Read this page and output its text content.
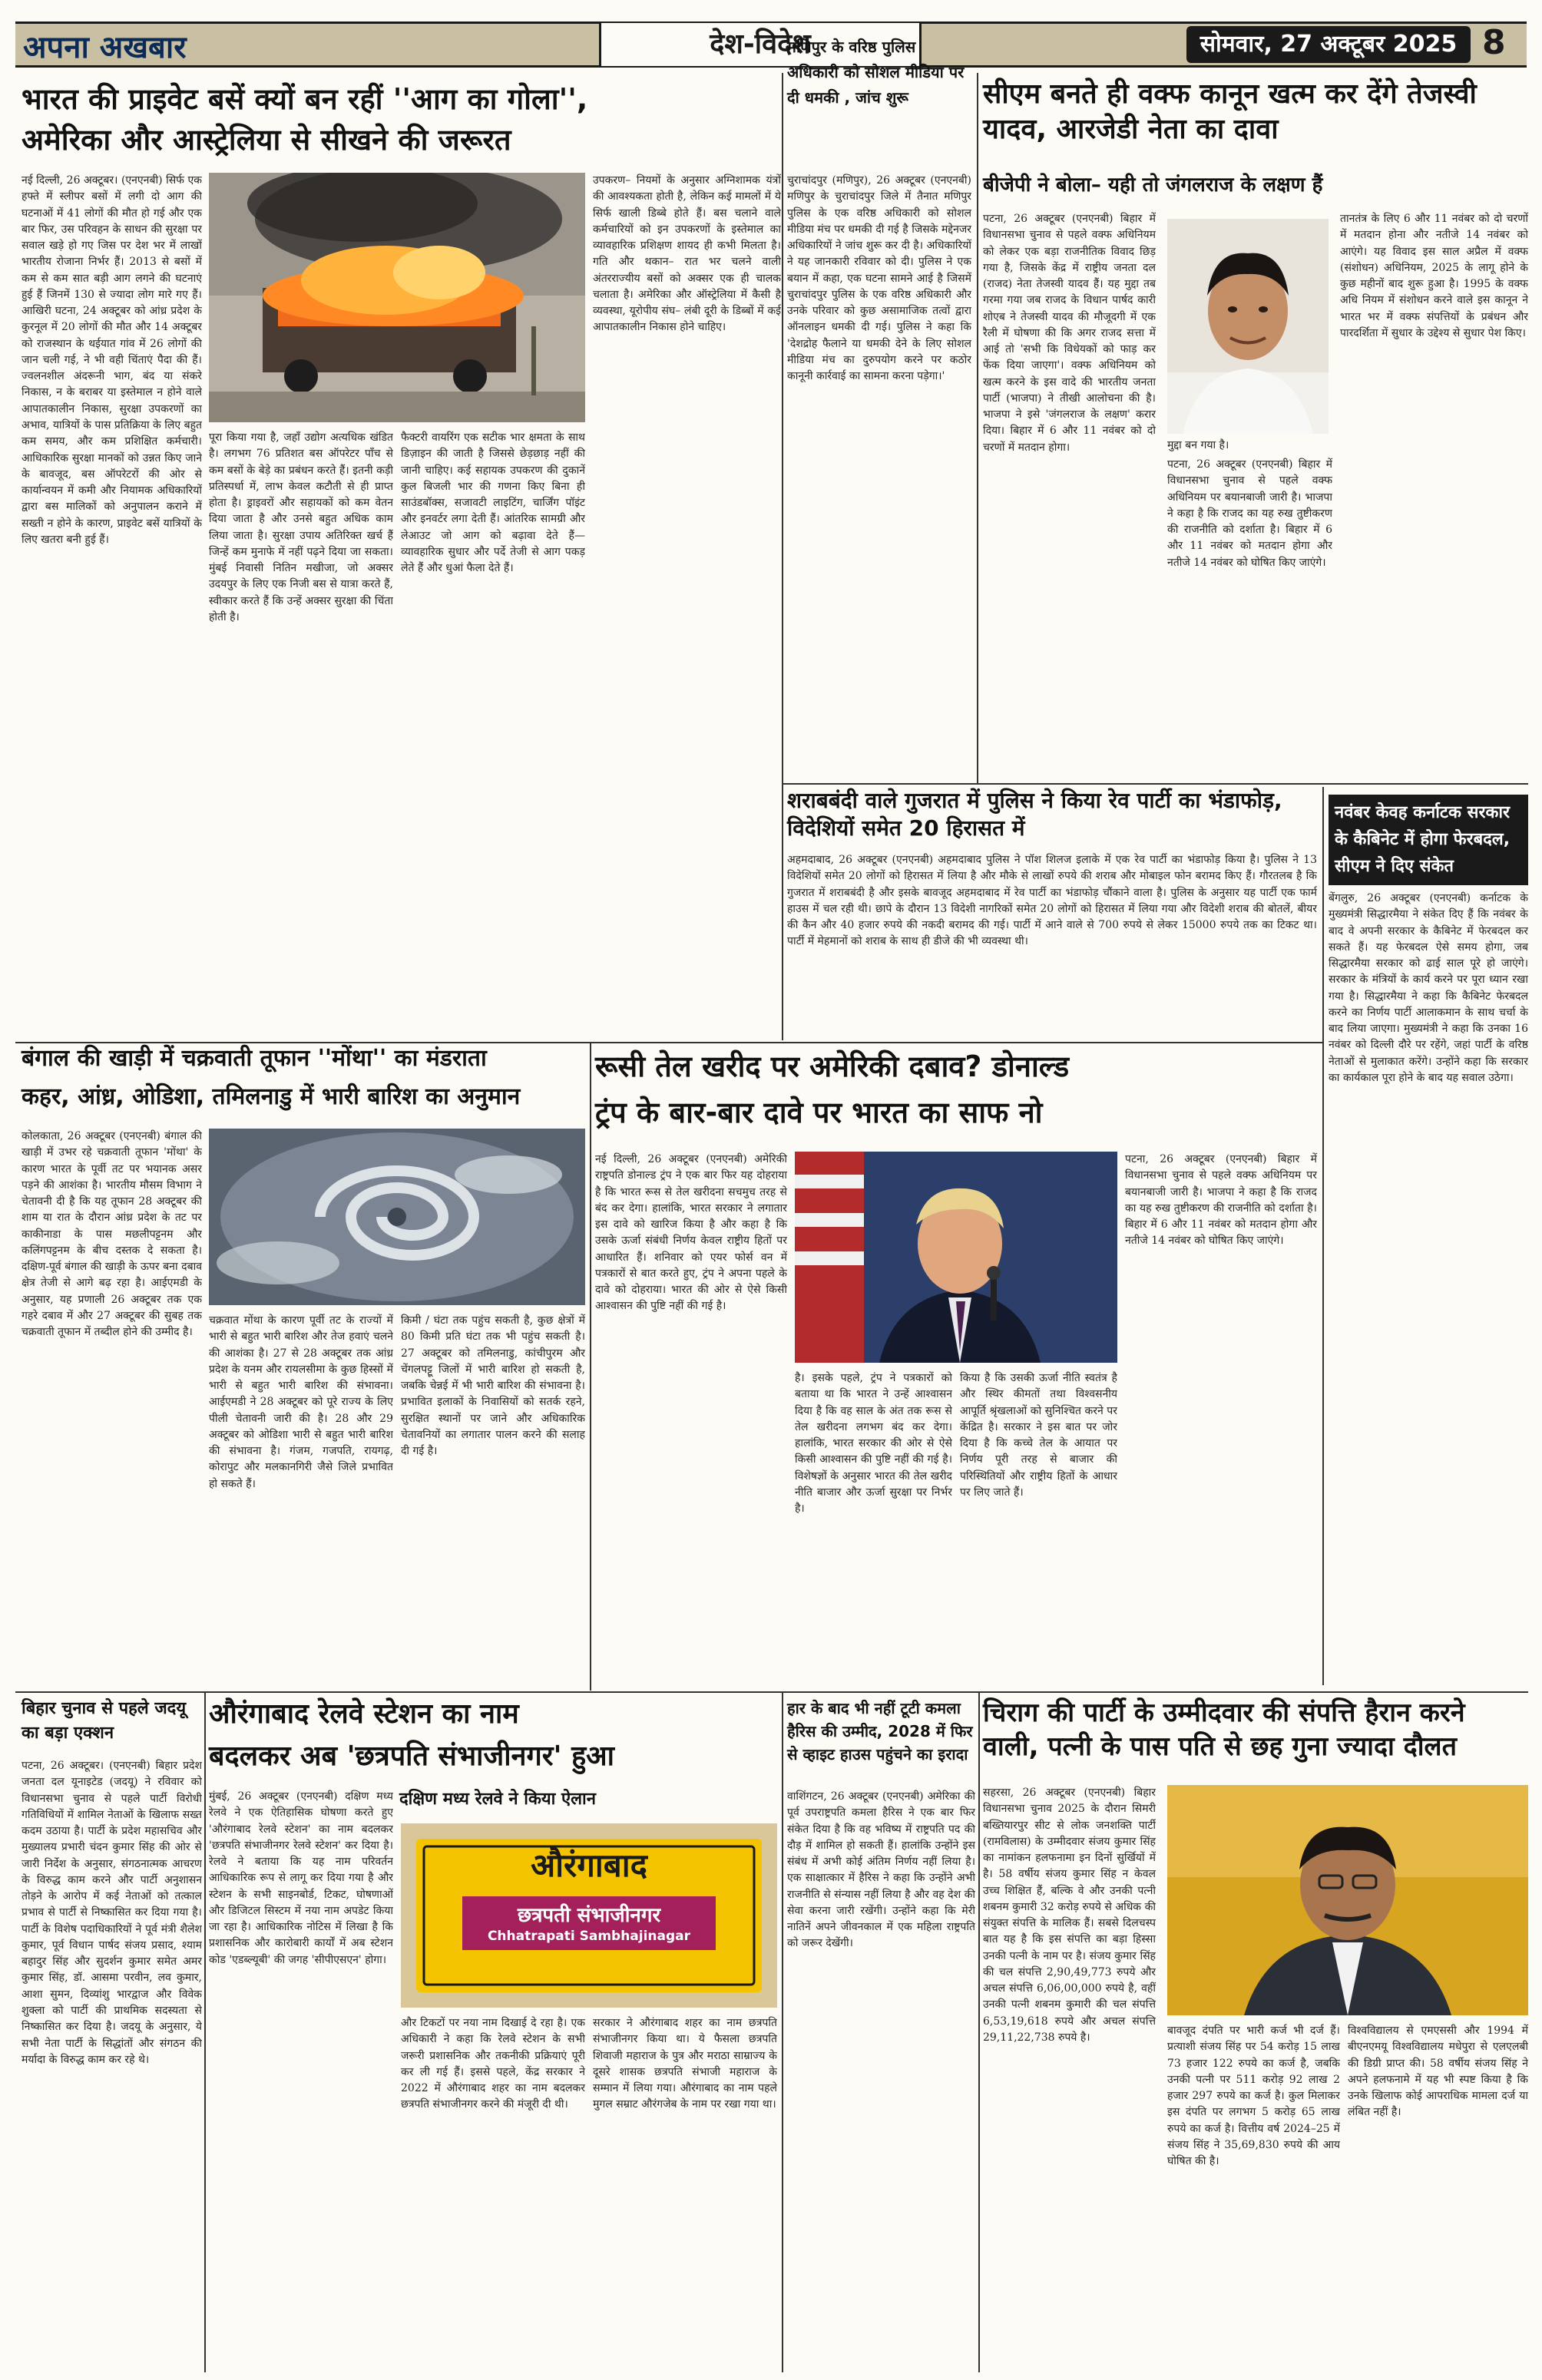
अपना अखबार	देश-विदेश	सोमवार, 27 अक्टूबर 2025 8
भारत की प्राइवेट बसें क्यों बन रहीं ''आग का गोला'',
अमेरिका और आस्ट्रेलिया से सीखने की जरूरत
नई दिल्ली, 26 अक्टूबर। (एनएनबी) सिर्फ एक हफ्ते में स्लीपर बसों में लगी दो आग की घटनाओं में 41 लोगों की मौत हो गई और एक बार फिर, उस परिवहन के साधन की सुरक्षा पर सवाल खड़े हो गए जिस पर देश भर में लाखों भारतीय रोजाना निर्भर हैं। 2013 से बसों में कम से कम सात बड़ी आग लगने की घटनाएं हुई हैं जिनमें 130 से ज्यादा लोग मारे गए हैं। आखिरी घटना, 24 अक्टूबर को आंध्र प्रदेश के कुरनूल में 20 लोगों की मौत और 14 अक्टूबर को राजस्थान के थईयात गांव में 26 लोगों की जान चली गई, ने भी वही चिंताएं पैदा की हैं। ज्वलनशील अंदरूनी भाग, बंद या संकरे निकास, न के बराबर या इस्तेमाल न होने वाले आपातकालीन निकास, सुरक्षा उपकरणों का अभाव, यात्रियों के पास प्रतिक्रिया के लिए बहुत कम समय, और कम प्रशिक्षित कर्मचारी। आधिकारिक सुरक्षा मानकों को उन्नत किए जाने के बावजूद, बस ऑपरेटरों की ओर से कार्यान्वयन में कमी और नियामक अधिकारियों द्वारा बस मालिकों को अनुपालन कराने में सख्ती न होने के कारण, प्राइवेट बसें यात्रियों के लिए खतरा बनी हुई हैं।
पूरा किया गया है, जहाँ उद्योग अत्यधिक खंडित है। लगभग 76 प्रतिशत बस ऑपरेटर पाँच से कम बसों के बेड़े का प्रबंधन करते हैं। इतनी कड़ी प्रतिस्पर्धा में, लाभ केवल कटौती से ही प्राप्त होता है। ड्राइवरों और सहायकों को कम वेतन दिया जाता है और उनसे बहुत अधिक काम लिया जाता है। सुरक्षा उपाय अतिरिक्त खर्च हैं जिन्हें कम मुनाफे में नहीं पढ़ने दिया जा सकता। मुंबई निवासी नितिन मखीजा, जो अक्सर उदयपुर के लिए एक निजी बस से यात्रा करते हैं, स्वीकार करते हैं कि उन्हें अक्सर सुरक्षा की चिंता होती है।
फैक्टरी वायरिंग एक सटीक भार क्षमता के साथ डिज़ाइन की जाती है जिससे छेड़छाड़ नहीं की जानी चाहिए। कई सहायक उपकरण की दुकानें कुल बिजली भार की गणना किए बिना ही साउंडबॉक्स, सजावटी लाइटिंग, चार्जिंग पॉइंट और इनवर्टर लगा देती हैं। आंतरिक सामग्री और लेआउट जो आग को बढ़ावा देते हैं— व्यावहारिक सुधार और पर्दे तेजी से आग पकड़ लेते हैं और धुआं फैला देते हैं।
उपकरण– नियमों के अनुसार अग्निशामक यंत्रों की आवश्यकता होती है, लेकिन कई मामलों में ये सिर्फ खाली डिब्बे होते हैं। बस चलाने वाले कर्मचारियों को इन उपकरणों के इस्तेमाल का व्यावहारिक प्रशिक्षण शायद ही कभी मिलता है। गति और थकान– रात भर चलने वाली अंतरराज्यीय बसों को अक्सर एक ही चालक चलाता है। अमेरिका और ऑस्ट्रेलिया में कैसी है व्यवस्था, यूरोपीय संघ– लंबी दूरी के डिब्बों में कई आपातकालीन निकास होने चाहिए।
मणिपुर के वरिष्ठ पुलिस अधिकारी को सोशल मीडिया पर दी धमकी , जांच शुरू
चुराचांदपुर (मणिपुर), 26 अक्टूबर (एनएनबी) मणिपुर के चुराचांदपुर जिले में तैनात मणिपुर पुलिस के एक वरिष्ठ अधिकारी को सोशल मीडिया मंच पर धमकी दी गई है जिसके मद्देनजर अधिकारियों ने जांच शुरू कर दी है। अधिकारियों ने यह जानकारी रविवार को दी। पुलिस ने एक बयान में कहा, एक घटना सामने आई है जिसमें चुराचांदपुर पुलिस के एक वरिष्ठ अधिकारी और उनके परिवार को कुछ असामाजिक तत्वों द्वारा ऑनलाइन धमकी दी गई। पुलिस ने कहा कि 'देशद्रोह फैलाने या धमकी देने के लिए सोशल मीडिया मंच का दुरुपयोग करने पर कठोर कानूनी कार्रवाई का सामना करना पड़ेगा।'
सीएम बनते ही वक्फ कानून खत्म कर देंगे तेजस्वी यादव, आरजेडी नेता का दावा
बीजेपी ने बोला– यही तो जंगलराज के लक्षण हैं
पटना, 26 अक्टूबर (एनएनबी) बिहार में विधानसभा चुनाव से पहले वक्फ अधिनियम को लेकर एक बड़ा राजनीतिक विवाद छिड़ गया है, जिसके केंद्र में राष्ट्रीय जनता दल (राजद) नेता तेजस्वी यादव हैं। यह मुद्दा तब गरमा गया जब राजद के विधान पार्षद कारी शोएब ने तेजस्वी यादव की मौजूदगी में एक रैली में घोषणा की कि अगर राजद सत्ता में आई तो 'सभी कि विधेयकों को फाड़ कर फेंक दिया जाएगा'। वक्फ अधिनियम को खत्म करने के इस वादे की भारतीय जनता पार्टी (भाजपा) ने तीखी आलोचना की है। भाजपा ने इसे 'जंगलराज के लक्षण' करार दिया। बिहार में 6 और 11 नवंबर को दो चरणों में मतदान होगा।	मुद्दा बन गया है।
पटना, 26 अक्टूबर (एनएनबी) बिहार में विधानसभा चुनाव से पहले वक्फ अधिनियम पर बयानबाजी जारी है। भाजपा ने कहा है कि राजद का यह रुख तुष्टीकरण की राजनीति को दर्शाता है। बिहार में 6 और 11 नवंबर को मतदान होगा और नतीजे 14 नवंबर को घोषित किए जाएंगे।
तानतंत्र के लिए 6 और 11 नवंबर को दो चरणों में मतदान होना और नतीजे 14 नवंबर को आएंगे। यह विवाद इस साल अप्रैल में वक्फ (संशोधन) अधिनियम, 2025 के लागू होने के कुछ महीनों बाद शुरू हुआ है। 1995 के वक्फ अधि नियम में संशोधन करने वाले इस कानून ने भारत भर में वक्फ संपत्तियों के प्रबंधन और पारदर्शिता में सुधार के उद्देश्य से सुधार पेश किए।
शराबबंदी वाले गुजरात में पुलिस ने किया रेव पार्टी का भंडाफोड़, विदेशियों समेत 20 हिरासत में
अहमदाबाद, 26 अक्टूबर (एनएनबी) अहमदाबाद पुलिस ने पॉश शिलज इलाके में एक रेव पार्टी का भंडाफोड़ किया है। पुलिस ने 13 विदेशियों समेत 20 लोगों को हिरासत में लिया है और मौके से लाखों रुपये की शराब और मोबाइल फोन बरामद किए हैं। गौरतलब है कि गुजरात में शराबबंदी है और इसके बावजूद अहमदाबाद में रेव पार्टी का भंडाफोड़ चौंकाने वाला है। पुलिस के अनुसार यह पार्टी एक फार्म हाउस में चल रही थी। छापे के दौरान 13 विदेशी नागरिकों समेत 20 लोगों को हिरासत में लिया गया और विदेशी शराब की बोतलें, बीयर की कैन और 40 हजार रुपये की नकदी बरामद की गई। पार्टी में आने वाले से 700 रुपये से लेकर 15000 रुपये तक का टिकट था। पार्टी में मेहमानों को शराब के साथ ही डीजे की भी व्यवस्था थी।
नवंबर केवह कर्नाटक सरकार के कैबिनेट में होगा फेरबदल, सीएम ने दिए संकेत
बेंगलुरु, 26 अक्टूबर (एनएनबी) कर्नाटक के मुख्यमंत्री सिद्धारमैया ने संकेत दिए हैं कि नवंबर के बाद वे अपनी सरकार के कैबिनेट में फेरबदल कर सकते हैं। यह फेरबदल ऐसे समय होगा, जब सिद्धारमैया सरकार को ढाई साल पूरे हो जाएंगे। सरकार के मंत्रियों के कार्य करने पर पूरा ध्यान रखा गया है। सिद्धारमैया ने कहा कि कैबिनेट फेरबदल करने का निर्णय पार्टी आलाकमान के साथ चर्चा के बाद लिया जाएगा। मुख्यमंत्री ने कहा कि उनका 16 नवंबर को दिल्ली दौरे पर रहेंगे, जहां पार्टी के वरिष्ठ नेताओं से मुलाकात करेंगे। उन्होंने कहा कि सरकार का कार्यकाल पूरा होने के बाद यह सवाल उठेगा।
बंगाल की खाड़ी में चक्रवाती तूफान ''मोंथा'' का मंडराता
कहर, आंध्र, ओडिशा, तमिलनाडु में भारी बारिश का अनुमान
कोलकाता, 26 अक्टूबर (एनएनबी) बंगाल की खाड़ी में उभर रहे चक्रवाती तूफान 'मोंथा' के कारण भारत के पूर्वी तट पर भयानक असर पड़ने की आशंका है। भारतीय मौसम विभाग ने चेतावनी दी है कि यह तूफान 28 अक्टूबर की शाम या रात के दौरान आंध्र प्रदेश के तट पर काकीनाडा के पास मछलीपट्टनम और कलिंगपट्टनम के बीच दस्तक दे सकता है। दक्षिण-पूर्व बंगाल की खाड़ी के ऊपर बना दबाव क्षेत्र तेजी से आगे बढ़ रहा है। आईएमडी के अनुसार, यह प्रणाली 26 अक्टूबर तक एक गहरे दबाव में और 27 अक्टूबर की सुबह तक चक्रवाती तूफान में तब्दील होने की उम्मीद है।
चक्रवात मोंथा के कारण पूर्वी तट के राज्यों में भारी से बहुत भारी बारिश और तेज हवाएं चलने की आशंका है। 27 से 28 अक्टूबर तक आंध्र प्रदेश के यनम और रायलसीमा के कुछ हिस्सों में भारी से बहुत भारी बारिश की संभावना। आईएमडी ने 28 अक्टूबर को पूरे राज्य के लिए पीली चेतावनी जारी की है। 28 और 29 अक्टूबर को ओडिशा भारी से बहुत भारी बारिश की संभावना है। गंजम, गजपति, रायगढ़, कोरापुट और मलकानगिरी जैसे जिले प्रभावित हो सकते हैं।
किमी / घंटा तक पहुंच सकती है, कुछ क्षेत्रों में 80 किमी प्रति घंटा तक भी पहुंच सकती है। 27 अक्टूबर को तमिलनाडु, कांचीपुरम और चेंगलपट्टू जिलों में भारी बारिश हो सकती है, जबकि चेन्नई में भी भारी बारिश की संभावना है। प्रभावित इलाकों के निवासियों को सतर्क रहने, सुरक्षित स्थानों पर जाने और अधिकारिक चेतावनियों का लगातार पालन करने की सलाह दी गई है।
रूसी तेल खरीद पर अमेरिकी दबाव? डोनाल्ड
ट्रंप के बार-बार दावे पर भारत का साफ नो
नई दिल्ली, 26 अक्टूबर (एनएनबी) अमेरिकी राष्ट्रपति डोनाल्ड ट्रंप ने एक बार फिर यह दोहराया है कि भारत रूस से तेल खरीदना सचमुच तरह से बंद कर देगा। हालांकि, भारत सरकार ने लगातार इस दावे को खारिज किया है और कहा है कि उसके ऊर्जा संबंधी निर्णय केवल राष्ट्रीय हितों पर आधारित हैं। शनिवार को एयर फोर्स वन में पत्रकारों से बात करते हुए, ट्रंप ने अपना पहले के दावे को दोहराया। भारत की ओर से ऐसे किसी आश्वासन की पुष्टि नहीं की गई है।
है। इसके पहले, ट्रंप ने पत्रकारों को बताया था कि भारत ने उन्हें आश्वासन दिया है कि वह साल के अंत तक रूस से तेल खरीदना लगभग बंद कर देगा। हालांकि, भारत सरकार की ओर से ऐसे किसी आश्वासन की पुष्टि नहीं की गई है। विशेषज्ञों के अनुसार भारत की तेल खरीद नीति बाजार और ऊर्जा सुरक्षा पर निर्भर है।
किया है कि उसकी ऊर्जा नीति स्वतंत्र है और स्थिर कीमतों तथा विश्वसनीय आपूर्ति श्रृंखलाओं को सुनिश्चित करने पर केंद्रित है। सरकार ने इस बात पर जोर दिया है कि कच्चे तेल के आयात पर निर्णय पूरी तरह से बाजार की परिस्थितियों और राष्ट्रीय हितों के आधार पर लिए जाते हैं।
पटना, 26 अक्टूबर (एनएनबी) बिहार में विधानसभा चुनाव से पहले वक्फ अधिनियम पर बयानबाजी जारी है। भाजपा ने कहा है कि राजद का यह रुख तुष्टीकरण की राजनीति को दर्शाता है। बिहार में 6 और 11 नवंबर को मतदान होगा और नतीजे 14 नवंबर को घोषित किए जाएंगे।
बिहार चुनाव से पहले जदयू का बड़ा एक्शन
पटना, 26 अक्टूबर। (एनएनबी) बिहार प्रदेश जनता दल यूनाइटेड (जदयू) ने रविवार को विधानसभा चुनाव से पहले पार्टी विरोधी गतिविधियों में शामिल नेताओं के खिलाफ सख्त कदम उठाया है। पार्टी के प्रदेश महासचिव और मुख्यालय प्रभारी चंदन कुमार सिंह की ओर से जारी निर्देश के अनुसार, संगठनात्मक आचरण के विरुद्ध काम करने और पार्टी अनुशासन तोड़ने के आरोप में कई नेताओं को तत्काल प्रभाव से पार्टी से निष्कासित कर दिया गया है। पार्टी के विशेष पदाधिकारियों ने पूर्व मंत्री शैलेश कुमार, पूर्व विधान पार्षद संजय प्रसाद, श्याम बहादुर सिंह और सुदर्शन कुमार समेत अमर कुमार सिंह, डॉ. आसमा परवीन, लव कुमार, आशा सुमन, दिव्यांशु भारद्वाज और विवेक शुक्ला को पार्टी की प्राथमिक सदस्यता से निष्कासित कर दिया है। जदयू के अनुसार, ये सभी नेता पार्टी के सिद्धांतों और संगठन की मर्यादा के विरुद्ध काम कर रहे थे।
औरंगाबाद रेलवे स्टेशन का नाम
बदलकर अब 'छत्रपति संभाजीनगर' हुआ
दक्षिण मध्य रेलवे ने किया ऐलान
मुंबई, 26 अक्टूबर (एनएनबी) दक्षिण मध्य रेलवे ने एक ऐतिहासिक घोषणा करते हुए 'औरंगाबाद रेलवे स्टेशन' का नाम बदलकर 'छत्रपति संभाजीनगर रेलवे स्टेशन' कर दिया है। रेलवे ने बताया कि यह नाम परिवर्तन आधिकारिक रूप से लागू कर दिया गया है और स्टेशन के सभी साइनबोर्ड, टिकट, घोषणाओं और डिजिटल सिस्टम में नया नाम अपडेट किया जा रहा है। आधिकारिक नोटिस में लिखा है कि प्रशासनिक और कारोबारी कार्यों में अब स्टेशन कोड 'एडब्ल्यूबी' की जगह 'सीपीएसएन' होगा।
औरंगाबाद
छत्रपती संभाजीनगर
Chhatrapati Sambhajinagar
और टिकटों पर नया नाम दिखाई दे रहा है। एक अधिकारी ने कहा कि रेलवे स्टेशन के सभी जरूरी प्रशासनिक और तकनीकी प्रक्रियाएं पूरी कर ली गई हैं। इससे पहले, केंद्र सरकार ने 2022 में औरंगाबाद शहर का नाम बदलकर छत्रपति संभाजीनगर करने की मंजूरी दी थी।
सरकार ने औरंगाबाद शहर का नाम छत्रपति संभाजीनगर किया था। ये फैसला छत्रपति शिवाजी महाराज के पुत्र और मराठा साम्राज्य के दूसरे शासक छत्रपति संभाजी महाराज के सम्मान में लिया गया। औरंगाबाद का नाम पहले मुगल सम्राट औरंगजेब के नाम पर रखा गया था।
हार के बाद भी नहीं टूटी कमला हैरिस की उम्मीद, 2028 में फिर से व्हाइट हाउस पहुंचने का इरादा
वाशिंगटन, 26 अक्टूबर (एनएनबी) अमेरिका की पूर्व उपराष्ट्रपति कमला हैरिस ने एक बार फिर संकेत दिया है कि वह भविष्य में राष्ट्रपति पद की दौड़ में शामिल हो सकती हैं। हालांकि उन्होंने इस संबंध में अभी कोई अंतिम निर्णय नहीं लिया है। एक साक्षात्कार में हैरिस ने कहा कि उन्होंने अभी राजनीति से संन्यास नहीं लिया है और वह देश की सेवा करना जारी रखेंगी। उन्होंने कहा कि मेरी नातिनें अपने जीवनकाल में एक महिला राष्ट्रपति को जरूर देखेंगी।
चिराग की पार्टी के उम्मीदवार की संपत्ति हैरान करने वाली, पत्नी के पास पति से छह गुना ज्यादा दौलत
सहरसा, 26 अक्टूबर (एनएनबी) बिहार विधानसभा चुनाव 2025 के दौरान सिमरी बख्तियारपुर सीट से लोक जनशक्ति पार्टी (रामविलास) के उम्मीदवार संजय कुमार सिंह का नामांकन हलफनामा इन दिनों सुर्खियों में है। 58 वर्षीय संजय कुमार सिंह न केवल उच्च शिक्षित हैं, बल्कि वे और उनकी पत्नी शबनम कुमारी 32 करोड़ रुपये से अधिक की संयुक्त संपत्ति के मालिक हैं। सबसे दिलचस्प बात यह है कि इस संपत्ति का बड़ा हिस्सा उनकी पत्नी के नाम पर है। संजय कुमार सिंह की चल संपत्ति 2,90,49,773 रुपये और अचल संपत्ति 6,06,00,000 रुपये है, वहीं उनकी पत्नी शबनम कुमारी की चल संपत्ति 6,53,19,618 रुपये और अचल संपत्ति 29,11,22,738 रुपये है।
बावजूद दंपति पर भारी कर्ज भी दर्ज हैं। प्रत्याशी संजय सिंह पर 54 करोड़ 15 लाख 73 हजार 122 रुपये का कर्ज है, जबकि उनकी पत्नी पर 511 करोड़ 92 लाख 2 हजार 297 रुपये का कर्ज है। कुल मिलाकर इस दंपति पर लगभग 5 करोड़ 65 लाख रुपये का कर्ज है। वित्तीय वर्ष 2024–25 में संजय सिंह ने 35,69,830 रुपये की आय घोषित की है।
विश्वविद्यालय से एमएससी और 1994 में बीएनएमयू विश्वविद्यालय मधेपुरा से एलएलबी की डिग्री प्राप्त की। 58 वर्षीय संजय सिंह ने अपने हलफनामे में यह भी स्पष्ट किया है कि उनके खिलाफ कोई आपराधिक मामला दर्ज या लंबित नहीं है।
